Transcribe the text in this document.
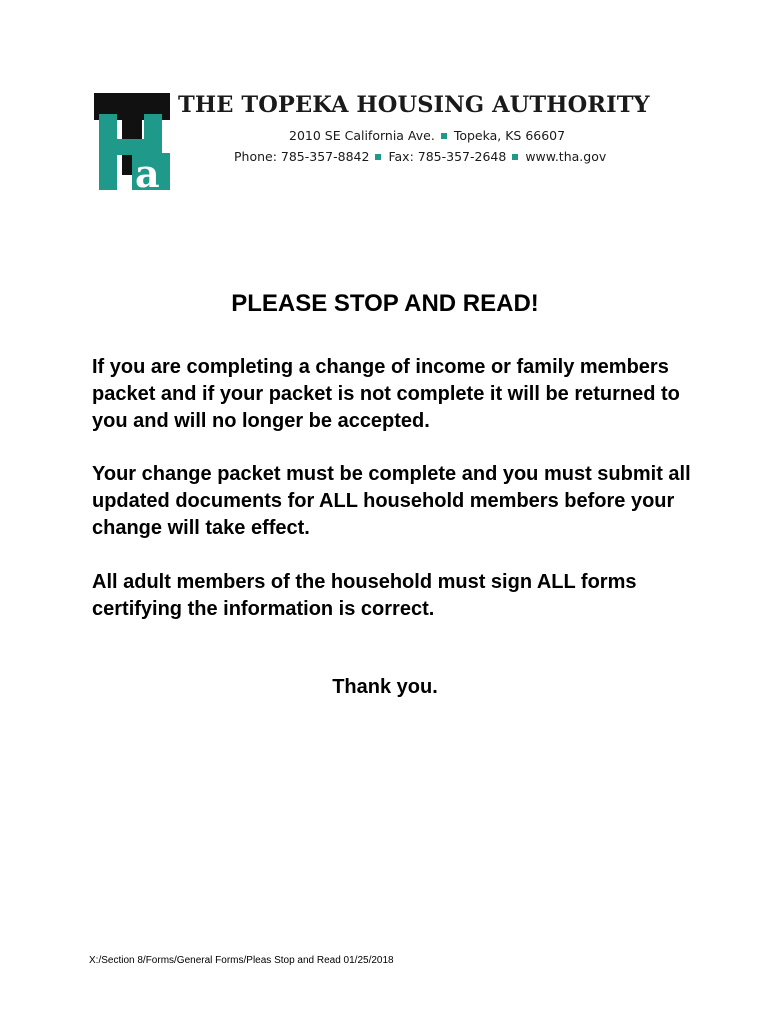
a

THE TOPEKA HOUSING AUTHORITY

2010 SE California Ave. Topeka, KS 66607
Phone: 785-357-8842 Fax: 785-357-2648 www.tha.gov
PLEASE STOP AND READ!

If you are completing a change of income or family members packet and if your packet is not complete it will be returned to you and will no longer be accepted.

Your change packet must be complete and you must submit all updated documents for ALL household members before your change will take effect.

All adult members of the household must sign ALL forms certifying the information is correct.

Thank you.

X:/Section 8/Forms/General Forms/Pleas Stop and Read 01/25/2018
